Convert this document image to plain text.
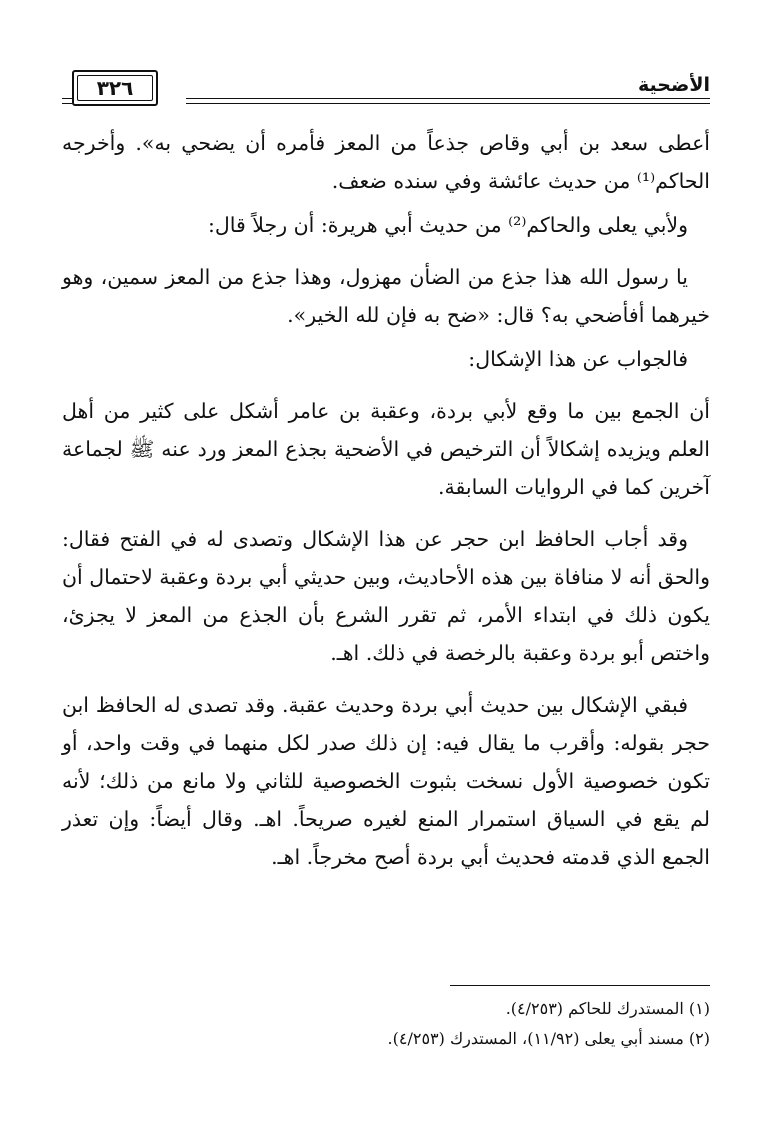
الأضحية
٣٢٦

أعطى سعد بن أبي وقاص جذعاً من المعز فأمره أن يضحي به». وأخرجه الحاكم⁽¹⁾ من حديث عائشة وفي سنده ضعف.

ولأبي يعلى والحاكم⁽²⁾ من حديث أبي هريرة: أن رجلاً قال:

يا رسول الله هذا جذع من الضأن مهزول، وهذا جذع من المعز سمين، وهو خيرهما أفأضحي به؟ قال: «ضح به فإن لله الخير».

فالجواب عن هذا الإشكال:

أن الجمع بين ما وقع لأبي بردة، وعقبة بن عامر أشكل على كثير من أهل العلم ويزيده إشكالاً أن الترخيص في الأضحية بجذع المعز ورد عنه ﷺ لجماعة آخرين كما في الروايات السابقة.

وقد أجاب الحافظ ابن حجر عن هذا الإشكال وتصدى له في الفتح فقال: والحق أنه لا منافاة بين هذه الأحاديث، وبين حديثي أبي بردة وعقبة لاحتمال أن يكون ذلك في ابتداء الأمر، ثم تقرر الشرع بأن الجذع من المعز لا يجزئ، واختص أبو بردة وعقبة بالرخصة في ذلك. اهـ.

فبقي الإشكال بين حديث أبي بردة وحديث عقبة. وقد تصدى له الحافظ ابن حجر بقوله: وأقرب ما يقال فيه: إن ذلك صدر لكل منهما في وقت واحد، أو تكون خصوصية الأول نسخت بثبوت الخصوصية للثاني ولا مانع من ذلك؛ لأنه لم يقع في السياق استمرار المنع لغيره صريحاً. اهـ. وقال أيضاً: وإن تعذر الجمع الذي قدمته فحديث أبي بردة أصح مخرجاً. اهـ.

(١) المستدرك للحاكم (٤/٢٥٣).
(٢) مسند أبي يعلى (١١/٩٢)، المستدرك (٤/٢٥٣).
